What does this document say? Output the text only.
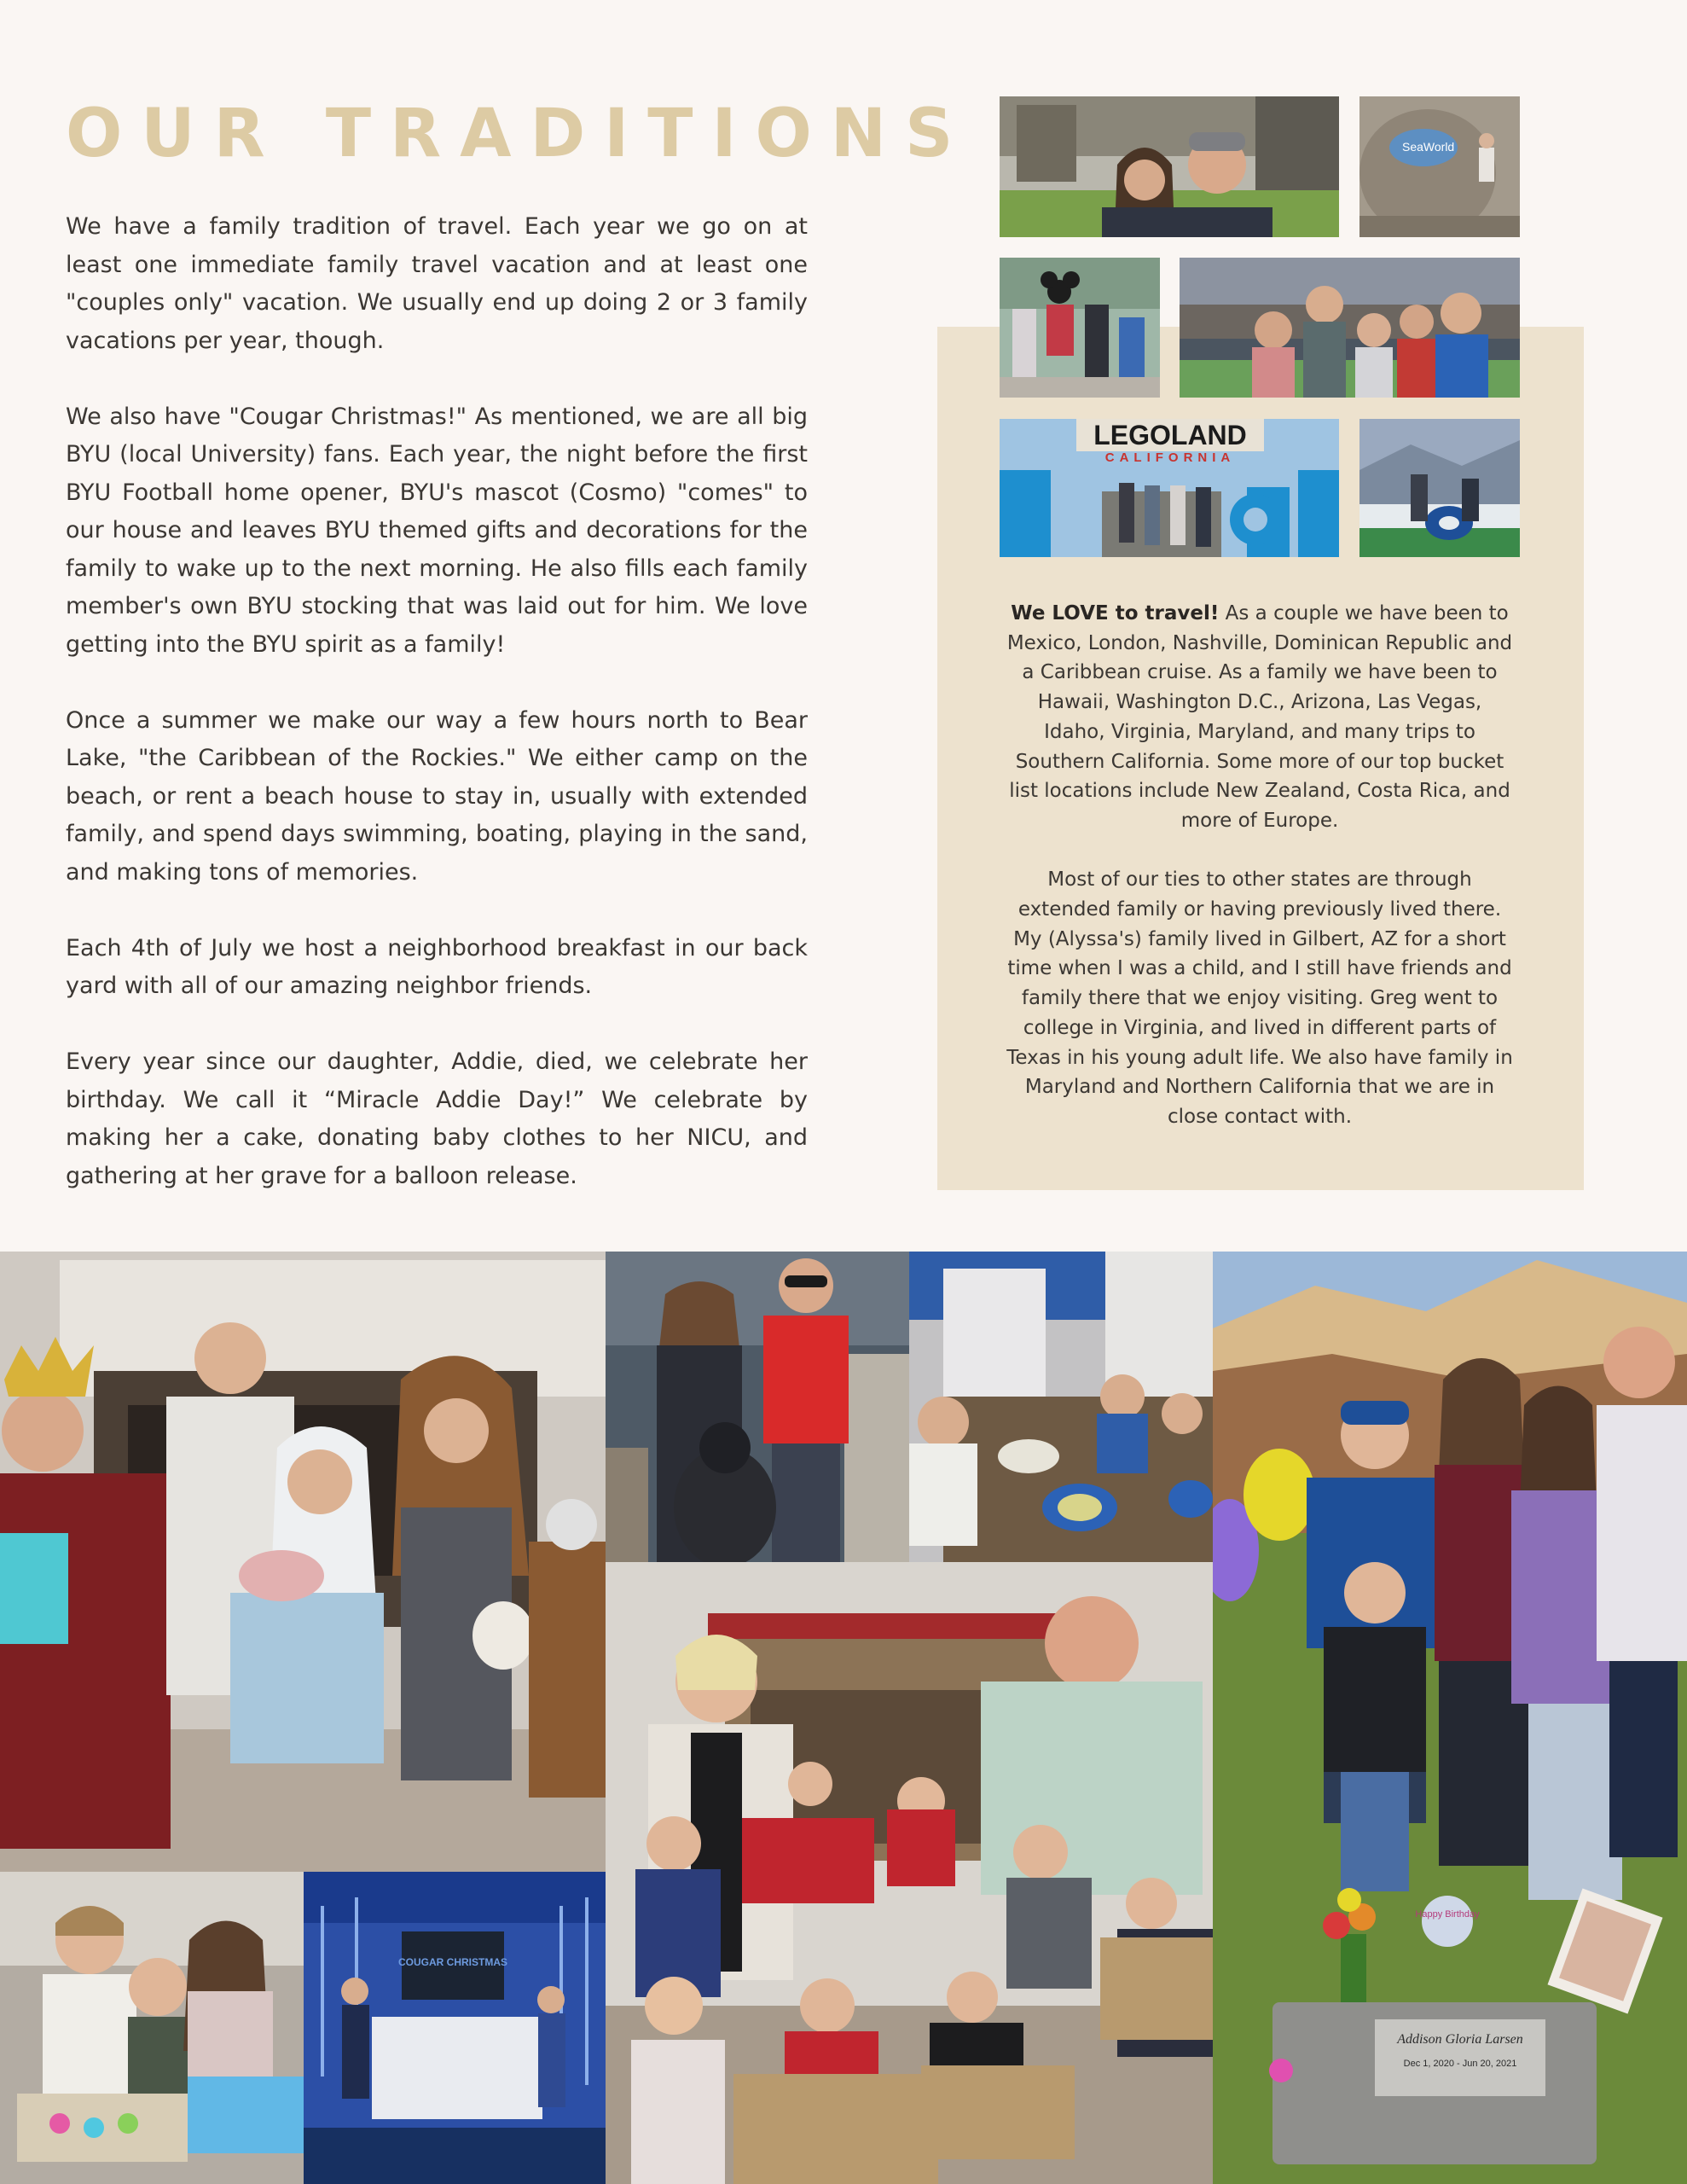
OUR TRADITIONS

We have a family tradition of travel. Each year we go on at least one immediate family travel vacation and at least one "couples only" vacation. We usually end up doing 2 or 3 family vacations per year, though.

We also have "Cougar Christmas!" As mentioned, we are all big BYU (local University) fans. Each year, the night before the first BYU Football home opener, BYU's mascot (Cosmo) "comes" to our house and leaves BYU themed gifts and decorations for the family to wake up to the next morning. He also fills each family member's own BYU stocking that was laid out for him. We love getting into the BYU spirit as a family!

Once a summer we make our way a few hours north to Bear Lake, "the Caribbean of the Rockies." We either camp on the beach, or rent a beach house to stay in, usually with extended family, and spend days swimming, boating, playing in the sand, and making tons of memories.

Each 4th of July we host a neighborhood breakfast in our back yard with all of our amazing neighbor friends.

Every year since our daughter, Addie, died, we celebrate her birthday. We call it “Miracle Addie Day!” We celebrate by making her a cake, donating baby clothes to her NICU, and gathering at her grave for a balloon release.

SeaWorld
LEGOLAND
CALIFORNIA

We LOVE to travel! As a couple we have been to Mexico, London, Nashville, Dominican Republic and a Caribbean cruise. As a family we have been to Hawaii, Washington D.C., Arizona, Las Vegas, Idaho, Virginia, Maryland, and many trips to Southern California. Some more of our top bucket list locations include New Zealand, Costa Rica, and more of Europe.

Most of our ties to other states are through extended family or having previously lived there. My (Alyssa's) family lived in Gilbert, AZ for a short time when I was a child, and I still have friends and family there that we enjoy visiting. Greg went to college in Virginia, and lived in different parts of Texas in his young adult life. We also have family in Maryland and Northern California that we are in close contact with.

COUGAR CHRISTMAS
Happy Birthday
Addison Gloria Larsen
Dec 1, 2020 - Jun 20, 2021
